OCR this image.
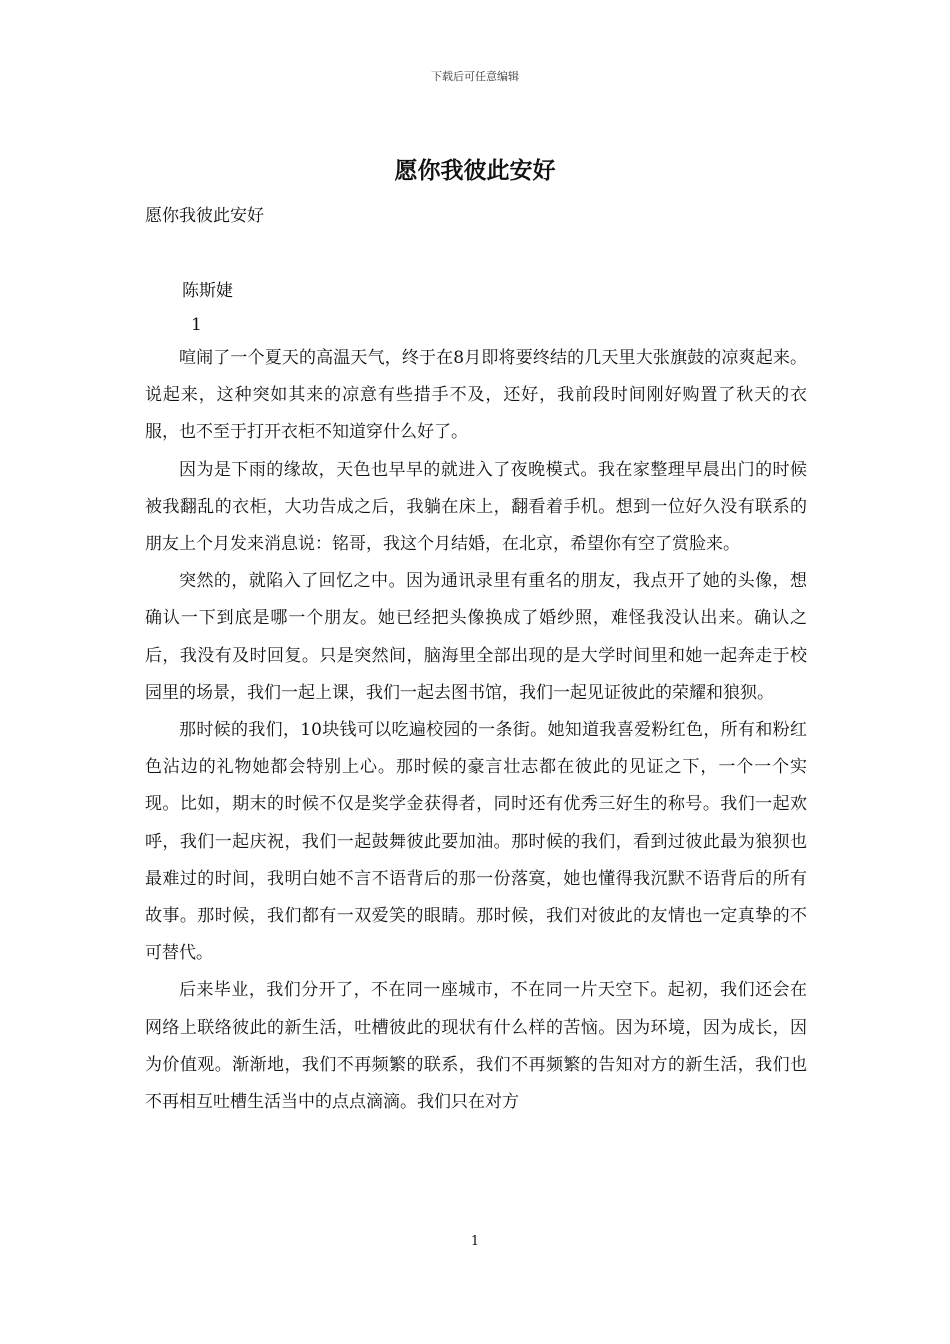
下载后可任意编辑
愿你我彼此安好
愿你我彼此安好
陈斯婕
1

喧闹了一个夏天的高温天气，终于在8月即将要终结的几天里大张旗鼓的凉爽起来。说起来，这种突如其来的凉意有些措手不及，还好，我前段时间刚好购置了秋天的衣服，也不至于打开衣柜不知道穿什么好了。

因为是下雨的缘故，天色也早早的就进入了夜晚模式。我在家整理早晨出门的时候被我翻乱的衣柜，大功告成之后，我躺在床上，翻看着手机。想到一位好久没有联系的朋友上个月发来消息说：铭哥，我这个月结婚，在北京，希望你有空了赏脸来。

突然的，就陷入了回忆之中。因为通讯录里有重名的朋友，我点开了她的头像，想确认一下到底是哪一个朋友。她已经把头像换成了婚纱照，难怪我没认出来。确认之后，我没有及时回复。只是突然间，脑海里全部出现的是大学时间里和她一起奔走于校园里的场景，我们一起上课，我们一起去图书馆，我们一起见证彼此的荣耀和狼狈。

那时候的我们，10块钱可以吃遍校园的一条街。她知道我喜爱粉红色，所有和粉红色沾边的礼物她都会特别上心。那时候的豪言壮志都在彼此的见证之下，一个一个实现。比如，期末的时候不仅是奖学金获得者，同时还有优秀三好生的称号。我们一起欢呼，我们一起庆祝，我们一起鼓舞彼此要加油。那时候的我们，看到过彼此最为狼狈也最难过的时间，我明白她不言不语背后的那一份落寞，她也懂得我沉默不语背后的所有故事。那时候，我们都有一双爱笑的眼睛。那时候，我们对彼此的友情也一定真挚的不可替代。

后来毕业，我们分开了，不在同一座城市，不在同一片天空下。起初，我们还会在网络上联络彼此的新生活，吐槽彼此的现状有什么样的苦恼。因为环境，因为成长，因为价值观。渐渐地，我们不再频繁的联系，我们不再频繁的告知对方的新生活，我们也不再相互吐槽生活当中的点点滴滴。我们只在对方

1
